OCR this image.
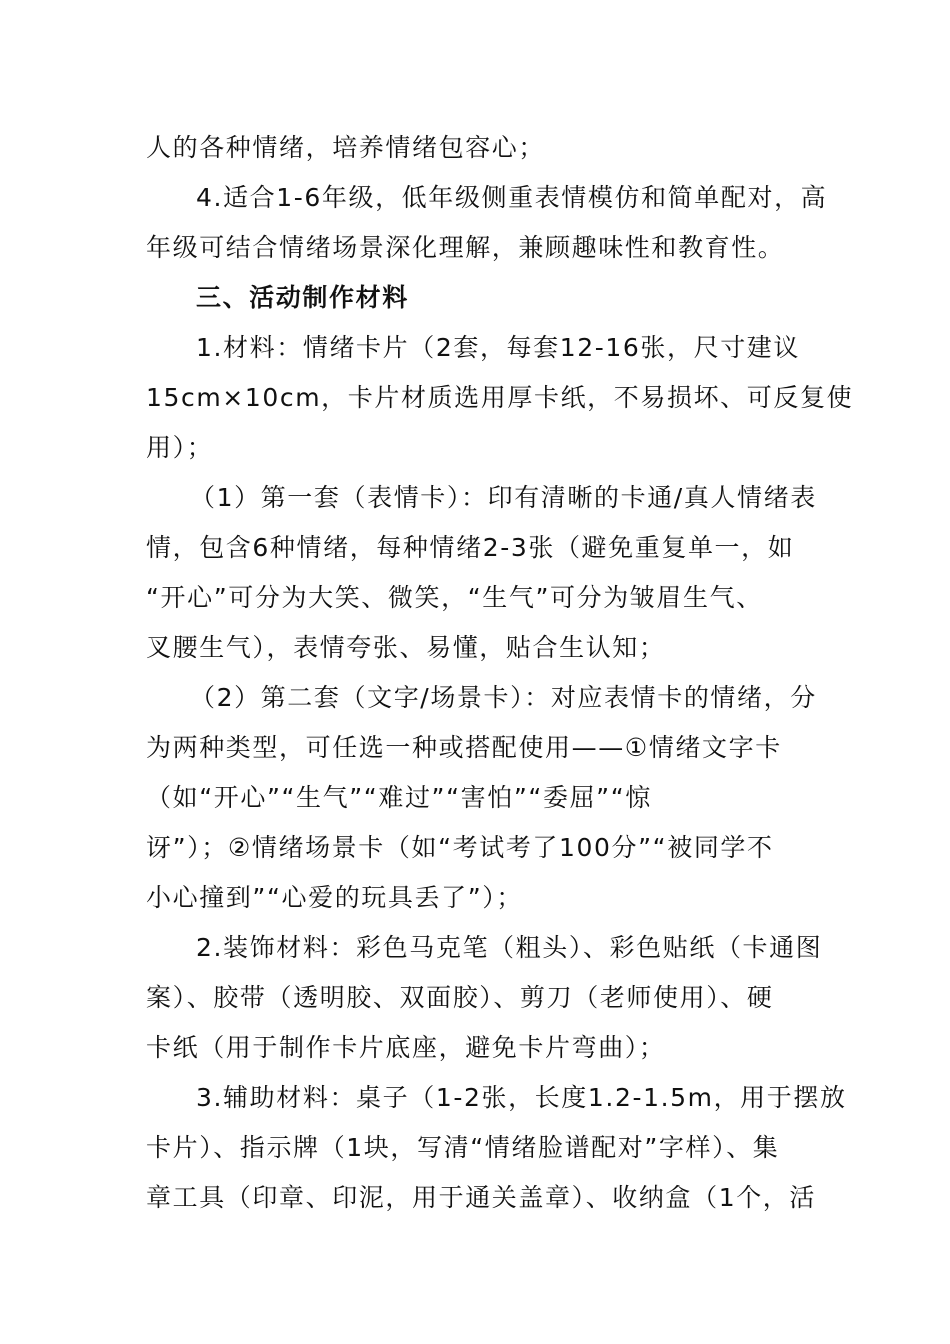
人的各种情绪，培养情绪包容心；
4.适合1-6年级，低年级侧重表情模仿和简单配对，高
年级可结合情绪场景深化理解，兼顾趣味性和教育性。
三、活动制作材料
1.材料：情绪卡片（2套，每套12-16张，尺寸建议
15cm×10cm，卡片材质选用厚卡纸，不易损坏、可反复使
用）；
（1）第一套（表情卡）：印有清晰的卡通/真人情绪表
情，包含6种情绪，每种情绪2-3张（避免重复单一，如
“开心”可分为大笑、微笑，“生气”可分为皱眉生气、
叉腰生气），表情夸张、易懂，贴合生认知；
（2）第二套（文字/场景卡）：对应表情卡的情绪，分
为两种类型，可任选一种或搭配使用——①情绪文字卡
（如“开心”“生气”“难过”“害怕”“委屈”“惊
讶”）；②情绪场景卡（如“考试考了100分”“被同学不
小心撞到”“心爱的玩具丢了”）；
2.装饰材料：彩色马克笔（粗头）、彩色贴纸（卡通图
案）、胶带（透明胶、双面胶）、剪刀（老师使用）、硬
卡纸（用于制作卡片底座，避免卡片弯曲）；
3.辅助材料：桌子（1-2张，长度1.2-1.5m，用于摆放
卡片）、指示牌（1块，写清“情绪脸谱配对”字样）、集
章工具（印章、印泥，用于通关盖章）、收纳盒（1个，活
